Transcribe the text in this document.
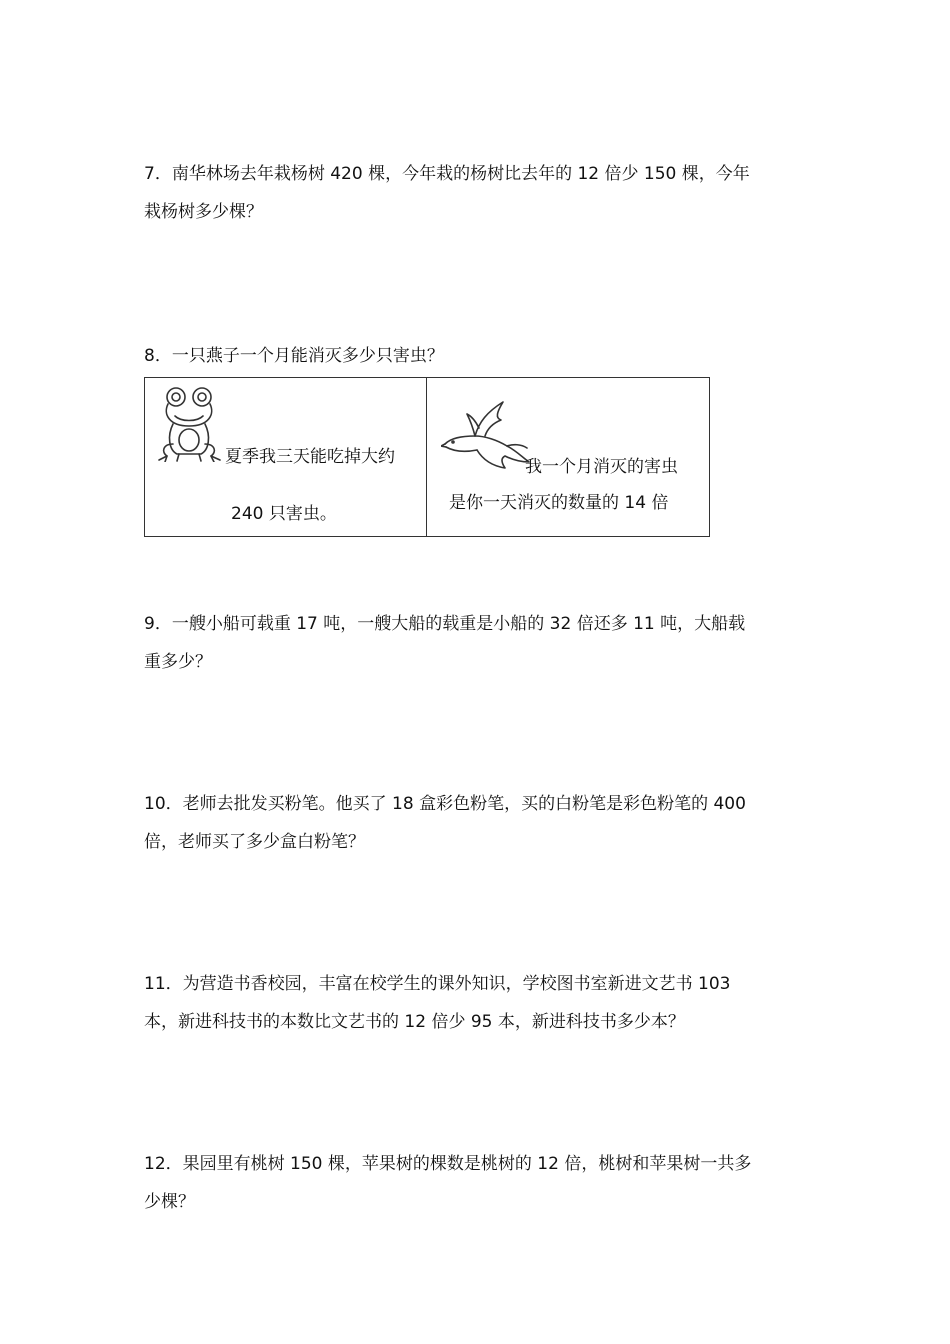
7．南华林场去年栽杨树 420 棵，今年栽的杨树比去年的 12 倍少 150 棵，今年

栽杨树多少棵？

8．一只燕子一个月能消灭多少只害虫？

夏季我三天能吃掉大约

240 只害虫。

我一个月消灭的害虫

是你一天消灭的数量的 14 倍

9．一艘小船可载重 17 吨，一艘大船的载重是小船的 32 倍还多 11 吨，大船载

重多少？

10．老师去批发买粉笔。他买了 18 盒彩色粉笔，买的白粉笔是彩色粉笔的 400

倍，老师买了多少盒白粉笔？

11．为营造书香校园，丰富在校学生的课外知识，学校图书室新进文艺书 103

本，新进科技书的本数比文艺书的 12 倍少 95 本，新进科技书多少本？

12．果园里有桃树 150 棵，苹果树的棵数是桃树的 12 倍，桃树和苹果树一共多

少棵？
